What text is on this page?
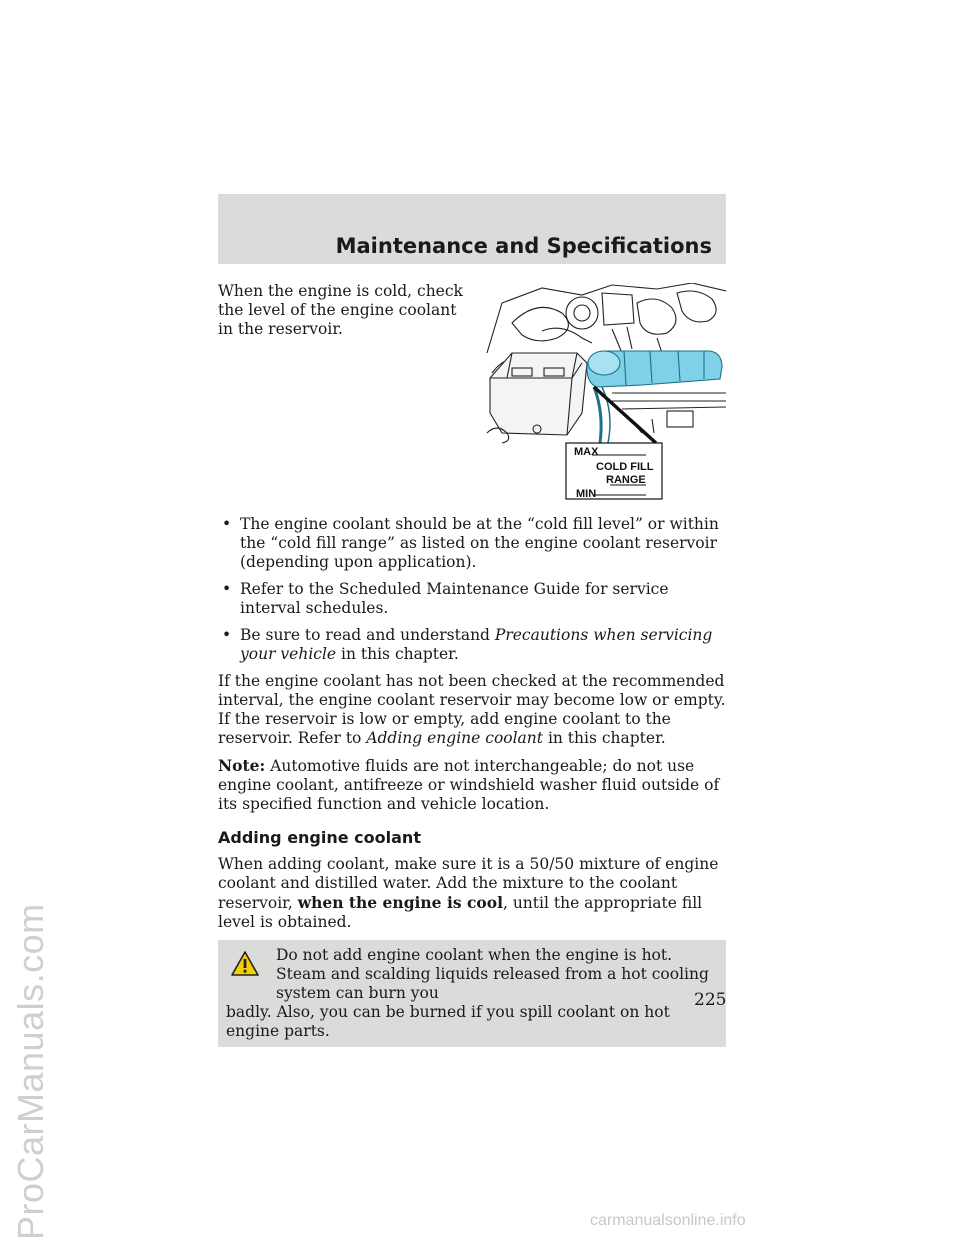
ProCarManuals.com	carmanualsonline.info
Maintenance and Specifications
When the engine is cold, check the level of the engine coolant in the reservoir.
MAX
COLD FILL
RANGE
MIN
• The engine coolant should be at the “cold fill level” or within the “cold fill range” as listed on the engine coolant reservoir (depending upon application).
• Refer to the Scheduled Maintenance Guide for service interval schedules.
• Be sure to read and understand Precautions when servicing your vehicle in this chapter.

If the engine coolant has not been checked at the recommended interval, the engine coolant reservoir may become low or empty. If the reservoir is low or empty, add engine coolant to the reservoir. Refer to Adding engine coolant in this chapter.

Note: Automotive fluids are not interchangeable; do not use engine coolant, antifreeze or windshield washer fluid outside of its specified function and vehicle location.

Adding engine coolant

When adding coolant, make sure it is a 50/50 mixture of engine coolant and distilled water. Add the mixture to the coolant reservoir, when the engine is cool, until the appropriate fill level is obtained.

Do not add engine coolant when the engine is hot. Steam and scalding liquids released from a hot cooling system can burn you
badly. Also, you can be burned if you spill coolant on hot engine parts.
225
